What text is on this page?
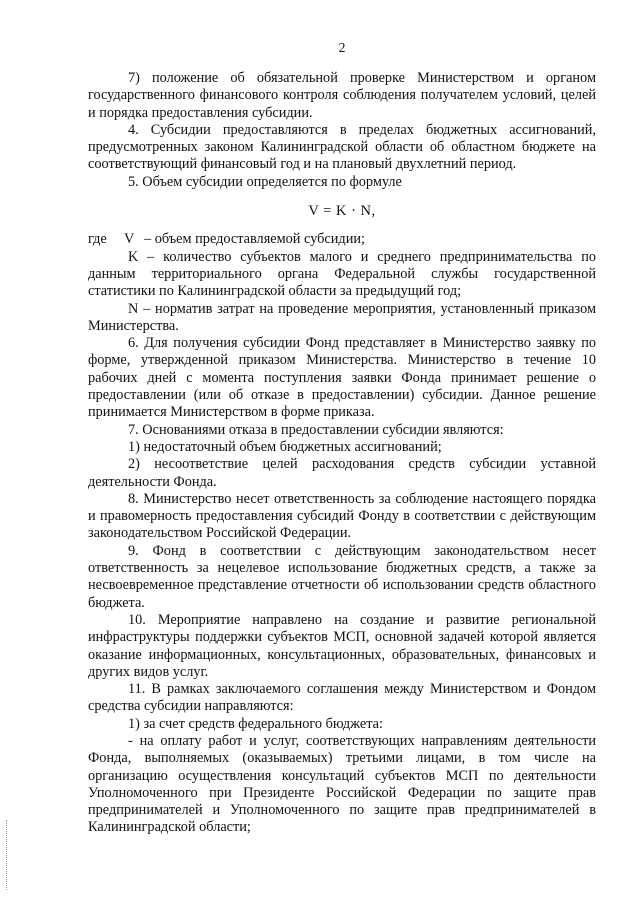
2

7) положение об обязательной проверке Министерством и органом государственного финансового контроля соблюдения получателем условий, целей и порядка предоставления субсидии.

4. Субсидии предоставляются в пределах бюджетных ассигнований, предусмотренных законом Калининградской области об областном бюджете на соответствующий финансовый год и на плановый двухлетний период.

5. Объем субсидии определяется по формуле

V = K · N,
где	V – объем предоставляемой субсидии;

K – количество субъектов малого и среднего предпринимательства по данным территориального органа Федеральной службы государственной статистики по Калининградской области за предыдущий год;

N – норматив затрат на проведение мероприятия, установленный приказом Министерства.

6. Для получения субсидии Фонд представляет в Министерство заявку по форме, утвержденной приказом Министерства. Министерство в течение 10 рабочих дней с момента поступления заявки Фонда принимает решение о предоставлении (или об отказе в предоставлении) субсидии. Данное решение принимается Министерством в форме приказа.

7. Основаниями отказа в предоставлении субсидии являются:

1) недостаточный объем бюджетных ассигнований;

2) несоответствие целей расходования средств субсидии уставной деятельности Фонда.

8. Министерство несет ответственность за соблюдение настоящего порядка и правомерность предоставления субсидий Фонду в соответствии с действующим законодательством Российской Федерации.

9. Фонд в соответствии с действующим законодательством несет ответственность за нецелевое использование бюджетных средств, а также за несвоевременное представление отчетности об использовании средств областного бюджета.

10. Мероприятие направлено на создание и развитие региональной инфраструктуры поддержки субъектов МСП, основной задачей которой является оказание информационных, консультационных, образовательных, финансовых и других видов услуг.

11. В рамках заключаемого соглашения между Министерством и Фондом средства субсидии направляются:

1) за счет средств федерального бюджета:

- на оплату работ и услуг, соответствующих направлениям деятельности Фонда, выполняемых (оказываемых) третьими лицами, в том числе на организацию осуществления консультаций субъектов МСП по деятельности Уполномоченного при Президенте Российской Федерации по защите прав предпринимателей и Уполномоченного по защите прав предпринимателей в Калининградской области;
